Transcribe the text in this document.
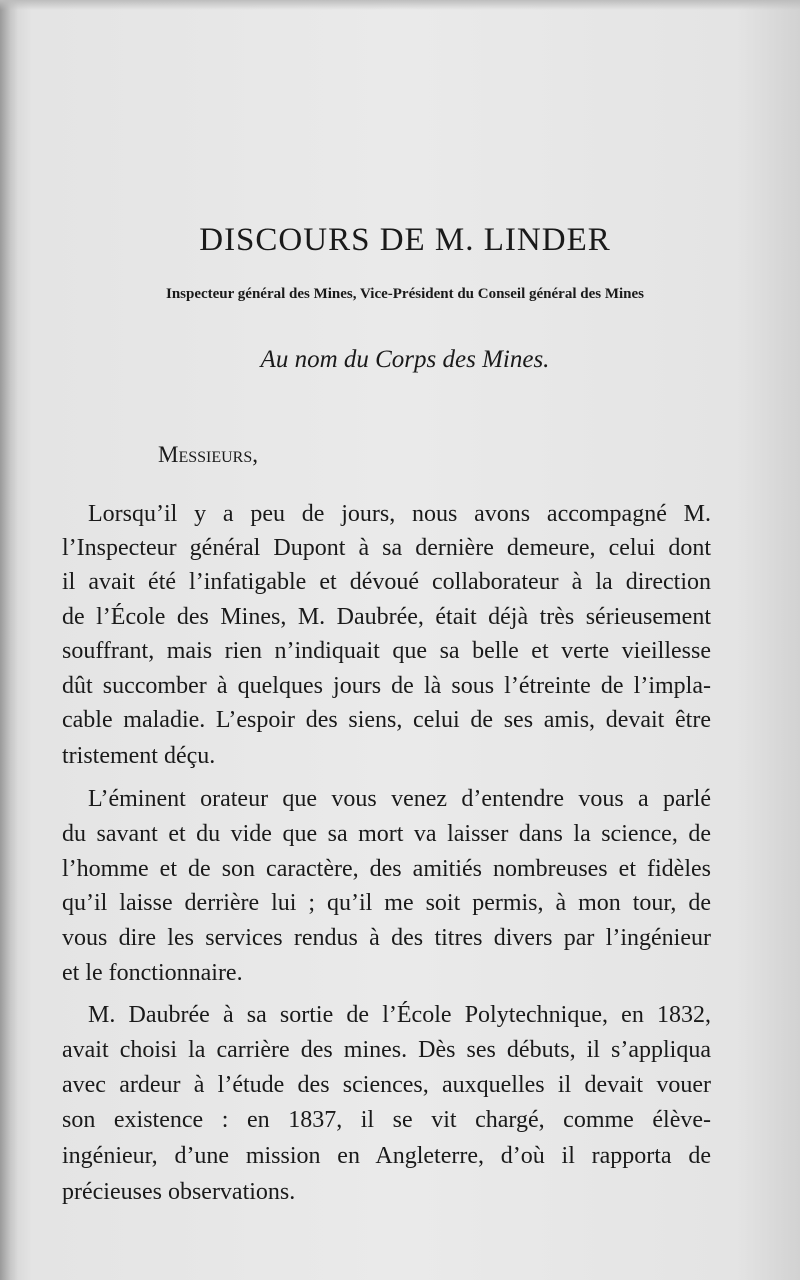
DISCOURS DE M. LINDER
Inspecteur général des Mines, Vice-Président du Conseil général des Mines
Au nom du Corps des Mines.
Messieurs,
Lorsqu’il y a peu de jours, nous avons accompagné M.
l’Inspecteur général Dupont à sa dernière demeure, celui dont
il avait été l’infatigable et dévoué collaborateur à la direction
de l’École des Mines, M. Daubrée, était déjà très sérieusement
souffrant, mais rien n’indiquait que sa belle et verte vieillesse
dût succomber à quelques jours de là sous l’étreinte de l’impla-
cable maladie. L’espoir des siens, celui de ses amis, devait être
tristement déçu.
L’éminent orateur que vous venez d’entendre vous a parlé
du savant et du vide que sa mort va laisser dans la science, de
l’homme et de son caractère, des amitiés nombreuses et fidèles
qu’il laisse derrière lui ; qu’il me soit permis, à mon tour, de
vous dire les services rendus à des titres divers par l’ingénieur
et le fonctionnaire.
M. Daubrée à sa sortie de l’École Polytechnique, en 1832,
avait choisi la carrière des mines. Dès ses débuts, il s’appliqua
avec ardeur à l’étude des sciences, auxquelles il devait vouer
son existence : en 1837, il se vit chargé, comme élève-
ingénieur, d’une mission en Angleterre, d’où il rapporta de
précieuses observations.
